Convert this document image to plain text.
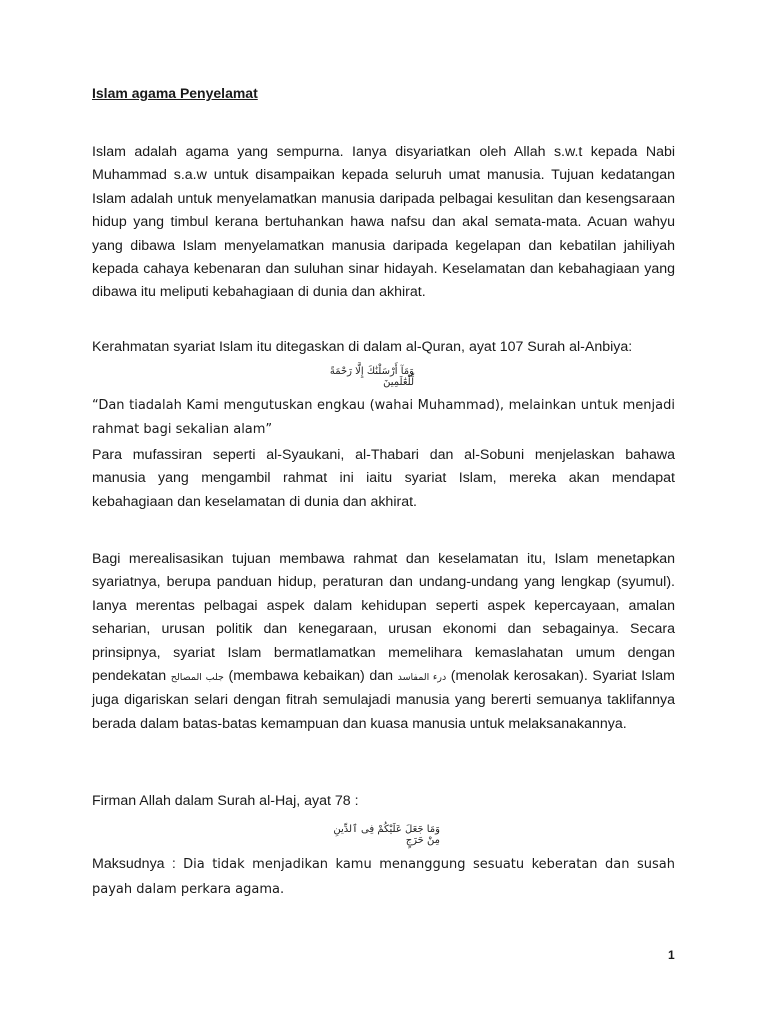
Islam agama Penyelamat
Islam adalah agama yang sempurna. Ianya disyariatkan oleh Allah s.w.t kepada Nabi Muhammad s.a.w untuk disampaikan kepada seluruh umat manusia. Tujuan kedatangan Islam adalah untuk menyelamatkan manusia daripada pelbagai kesulitan dan kesengsaraan hidup yang timbul kerana bertuhankan hawa nafsu dan akal semata-mata. Acuan wahyu yang dibawa Islam menyelamatkan manusia daripada kegelapan dan kebatilan jahiliyah kepada cahaya kebenaran dan suluhan sinar hidayah. Keselamatan dan kebahagiaan yang dibawa itu meliputi kebahagiaan di dunia dan akhirat.
Kerahmatan syariat Islam itu ditegaskan di dalam al-Quran, ayat 107 Surah al-Anbiya:
وَمَآ أَرْسَلْنَٰكَ إِلَّا رَحْمَةً لِّلْعَٰلَمِينَ
“Dan tiadalah Kami mengutuskan engkau (wahai Muhammad), melainkan untuk menjadi rahmat bagi sekalian alam”
Para mufassiran seperti al-Syaukani, al-Thabari dan al-Sobuni menjelaskan bahawa manusia yang mengambil rahmat ini iaitu syariat Islam, mereka akan mendapat kebahagiaan dan keselamatan di dunia dan akhirat.
Bagi merealisasikan tujuan membawa rahmat dan keselamatan itu, Islam menetapkan syariatnya, berupa panduan hidup, peraturan dan undang-undang yang lengkap (syumul). Ianya merentas pelbagai aspek dalam kehidupan seperti aspek kepercayaan, amalan seharian, urusan politik dan kenegaraan, urusan ekonomi dan sebagainya. Secara prinsipnya, syariat Islam bermatlamatkan memelihara kemaslahatan umum dengan pendekatan جلب المصالح (membawa kebaikan) dan درء المفاسد (menolak kerosakan). Syariat Islam juga digariskan selari dengan fitrah semulajadi manusia yang bererti semuanya taklifannya berada dalam batas-batas kemampuan dan kuasa manusia untuk melaksanakannya.
Firman Allah dalam Surah al-Haj, ayat 78 :
وَمَا جَعَلَ عَلَيْكُمْ فِى ٱلدِّينِ مِنْ حَرَجٍ
Maksudnya : Dia tidak menjadikan kamu menanggung sesuatu keberatan dan susah payah dalam perkara agama.
1
